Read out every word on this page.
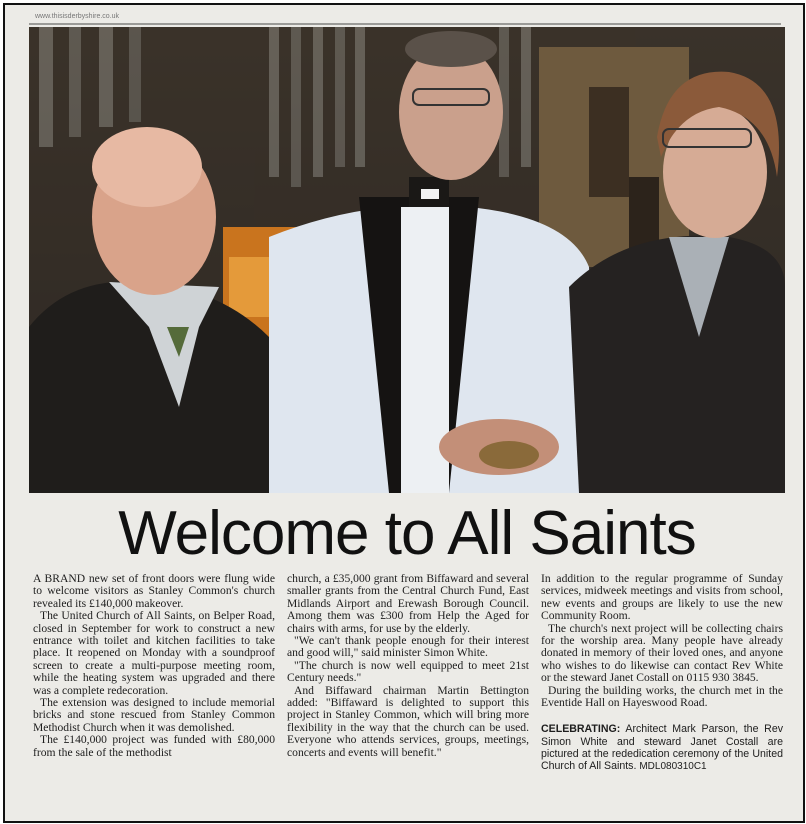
www.thisisderbyshire.co.uk
Welcome to All Saints

A BRAND new set of front doors were flung wide to welcome visitors as Stanley Common's church revealed its £140,000 makeover.

The United Church of All Saints, on Belper Road, closed in September for work to construct a new entrance with toilet and kitchen facilities to take place. It reopened on Monday with a soundproof screen to create a multi-purpose meeting room, while the heating system was upgraded and there was a complete redecoration.

The extension was designed to include memorial bricks and stone rescued from Stanley Common Methodist Church when it was demolished.

The £140,000 project was funded with £80,000 from the sale of the methodist

church, a £35,000 grant from Biffaward and several smaller grants from the Central Church Fund, East Midlands Airport and Erewash Borough Council. Among them was £300 from Help the Aged for chairs with arms, for use by the elderly.

"We can't thank people enough for their interest and good will," said minister Simon White.

"The church is now well equipped to meet 21st Century needs."

And Biffaward chairman Martin Bettington added: "Biffaward is delighted to support this project in Stanley Common, which will bring more flexibility in the way that the church can be used. Everyone who attends services, groups, meetings, concerts and events will benefit."

In addition to the regular programme of Sunday services, midweek meetings and visits from school, new events and groups are likely to use the new Community Room.

The church's next project will be collecting chairs for the worship area. Many people have already donated in memory of their loved ones, and anyone who wishes to do likewise can contact Rev White or the steward Janet Costall on 0115 930 3845.

During the building works, the church met in the Eventide Hall on Hayeswood Road.

CELEBRATING: Architect Mark Parson, the Rev Simon White and steward Janet Costall are pictured at the rededication ceremony of the United Church of All Saints. MDL080310C1
